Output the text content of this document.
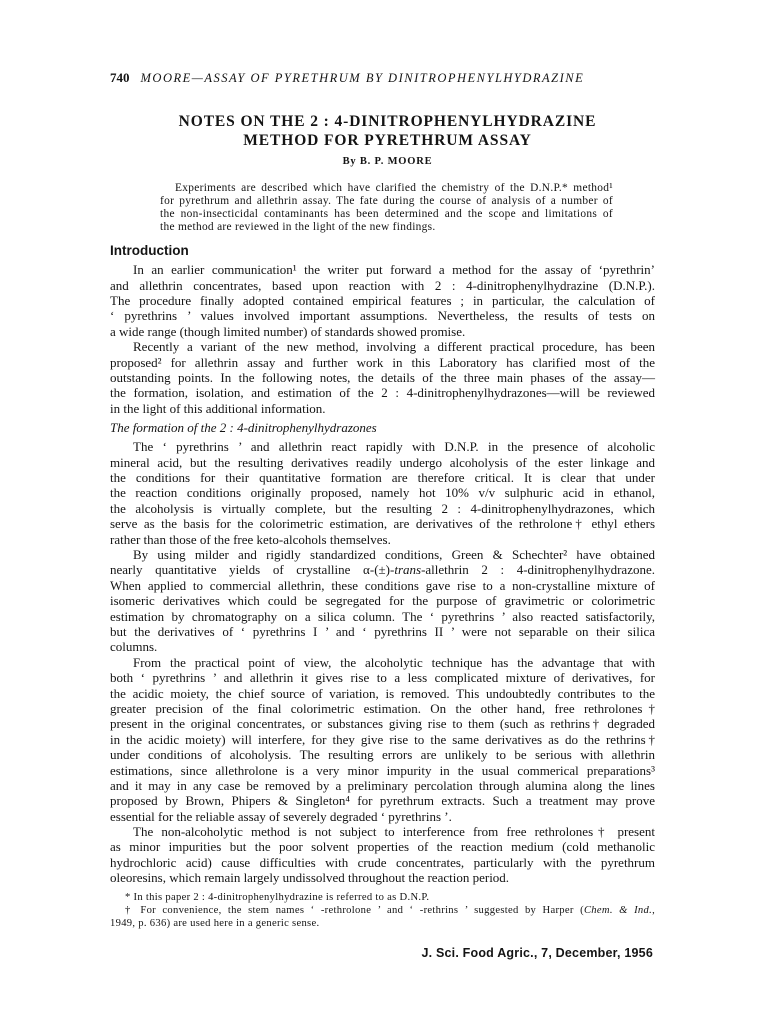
740 MOORE—ASSAY OF PYRETHRUM BY DINITROPHENYLHYDRAZINE
NOTES ON THE 2 : 4-DINITROPHENYLHYDRAZINE
METHOD FOR PYRETHRUM ASSAY
By B. P. MOORE
Experiments are described which have clarified the chemistry of the D.N.P.* method¹
for pyrethrum and allethrin assay. The fate during the course of analysis of a number of
the non-insecticidal contaminants has been determined and the scope and limitations of
the method are reviewed in the light of the new findings.
Introduction
In an earlier communication¹ the writer put forward a method for the assay of ‘pyrethrin’
and allethrin concentrates, based upon reaction with 2 : 4-dinitrophenylhydrazine (D.N.P.).
The procedure finally adopted contained empirical features ; in particular, the calculation of
‘ pyrethrins ’ values involved important assumptions. Nevertheless, the results of tests on
a wide range (though limited number) of standards showed promise.
Recently a variant of the new method, involving a different practical procedure, has been
proposed² for allethrin assay and further work in this Laboratory has clarified most of the
outstanding points. In the following notes, the details of the three main phases of the assay—
the formation, isolation, and estimation of the 2 : 4-dinitrophenylhydrazones—will be reviewed
in the light of this additional information.
The formation of the 2 : 4-dinitrophenylhydrazones
The ‘ pyrethrins ’ and allethrin react rapidly with D.N.P. in the presence of alcoholic
mineral acid, but the resulting derivatives readily undergo alcoholysis of the ester linkage and
the conditions for their quantitative formation are therefore critical. It is clear that under
the reaction conditions originally proposed, namely hot 10% v/v sulphuric acid in ethanol,
the alcoholysis is virtually complete, but the resulting 2 : 4-dinitrophenylhydrazones, which
serve as the basis for the colorimetric estimation, are derivatives of the rethrolone† ethyl ethers
rather than those of the free keto-alcohols themselves.
By using milder and rigidly standardized conditions, Green & Schechter² have obtained
nearly quantitative yields of crystalline α-(±)-trans-allethrin 2 : 4-dinitrophenylhydrazone.
When applied to commercial allethrin, these conditions gave rise to a non-crystalline mixture of
isomeric derivatives which could be segregated for the purpose of gravimetric or colorimetric
estimation by chromatography on a silica column. The ‘ pyrethrins ’ also reacted satisfactorily,
but the derivatives of ‘ pyrethrins I ’ and ‘ pyrethrins II ’ were not separable on their silica
columns.
From the practical point of view, the alcoholytic technique has the advantage that with
both ‘ pyrethrins ’ and allethrin it gives rise to a less complicated mixture of derivatives, for
the acidic moiety, the chief source of variation, is removed. This undoubtedly contributes to the
greater precision of the final colorimetric estimation. On the other hand, free rethrolones†
present in the original concentrates, or substances giving rise to them (such as rethrins† degraded
in the acidic moiety) will interfere, for they give rise to the same derivatives as do the rethrins†
under conditions of alcoholysis. The resulting errors are unlikely to be serious with allethrin
estimations, since allethrolone is a very minor impurity in the usual commerical preparations³
and it may in any case be removed by a preliminary percolation through alumina along the lines
proposed by Brown, Phipers & Singleton⁴ for pyrethrum extracts. Such a treatment may prove
essential for the reliable assay of severely degraded ‘ pyrethrins ’.
The non-alcoholytic method is not subject to interference from free rethrolones† present
as minor impurities but the poor solvent properties of the reaction medium (cold methanolic
hydrochloric acid) cause difficulties with crude concentrates, particularly with the pyrethrum
oleoresins, which remain largely undissolved throughout the reaction period.
* In this paper 2 : 4-dinitrophenylhydrazine is referred to as D.N.P.
† For convenience, the stem names ‘ -rethrolone ’ and ‘ -rethrins ’ suggested by Harper (Chem. & Ind.,
1949, p. 636) are used here in a generic sense.
J. Sci. Food Agric., 7, December, 1956
